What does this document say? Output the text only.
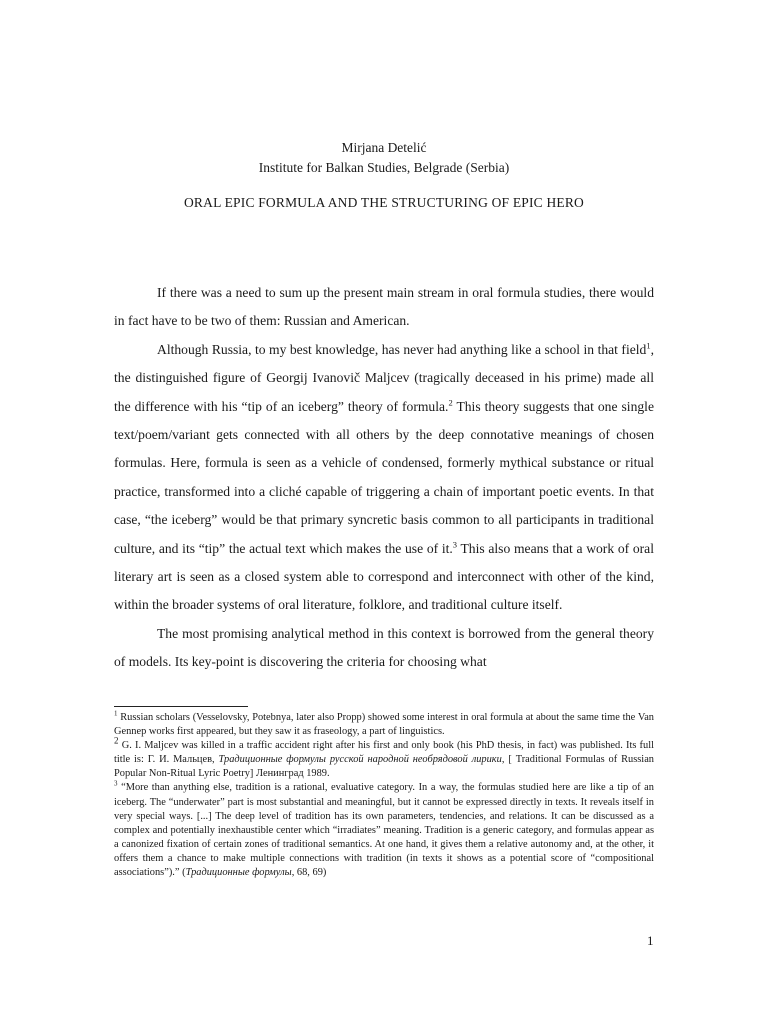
Mirjana Detelić
Institute for Balkan Studies, Belgrade (Serbia)
ORAL EPIC FORMULA AND THE STRUCTURING OF EPIC HERO

If there was a need to sum up the present main stream in oral formula studies, there would in fact have to be two of them: Russian and American.

Although Russia, to my best knowledge, has never had anything like a school in that field$^1$, the distinguished figure of Georgij Ivanovič Maljcev (tragically deceased in his prime) made all the difference with his “tip of an iceberg” theory of formula.$^2$ This theory suggests that one single text/poem/variant gets connected with all others by the deep connotative meanings of chosen formulas. Here, formula is seen as a vehicle of condensed, formerly mythical substance or ritual practice, transformed into a cliché capable of triggering a chain of important poetic events. In that case, “the iceberg” would be that primary syncretic basis common to all participants in traditional culture, and its “tip” the actual text which makes the use of it.$^3$ This also means that a work of oral literary art is seen as a closed system able to correspond and interconnect with other of the kind, within the broader systems of oral literature, folklore, and traditional culture itself.

The most promising analytical method in this context is borrowed from the general theory of models. Its key-point is discovering the criteria for choosing what

$^1$ Russian scholars (Vesselovsky, Potebnya, later also Propp) showed some interest in oral formula at about the same time the Van Gennep works first appeared, but they saw it as fraseology, a part of linguistics.

$^2$ G. I. Maljcev was killed in a traffic accident right after his first and only book (his PhD thesis, in fact) was published. Its full title is: Г. И. Мальцев, Традиционные формулы русской народной необрядовой лирики, [ Traditional Formulas of Russian Popular Non-Ritual Lyric Poetry] Ленинград 1989.

$^3$ “More than anything else, tradition is a rational, evaluative category. In a way, the formulas studied here are like a tip of an iceberg. The “underwater” part is most substantial and meaningful, but it cannot be expressed directly in texts. It reveals itself in very special ways. [...] The deep level of tradition has its own parameters, tendencies, and relations. It can be discussed as a complex and potentially inexhaustible center which “irradiates” meaning. Tradition is a generic category, and formulas appear as a canonized fixation of certain zones of traditional semantics. At one hand, it gives them a relative autonomy and, at the other, it offers them a chance to make multiple connections with tradition (in texts it shows as a potential score of “compositional associations”).” (Традиционные формулы, 68, 69)

1
